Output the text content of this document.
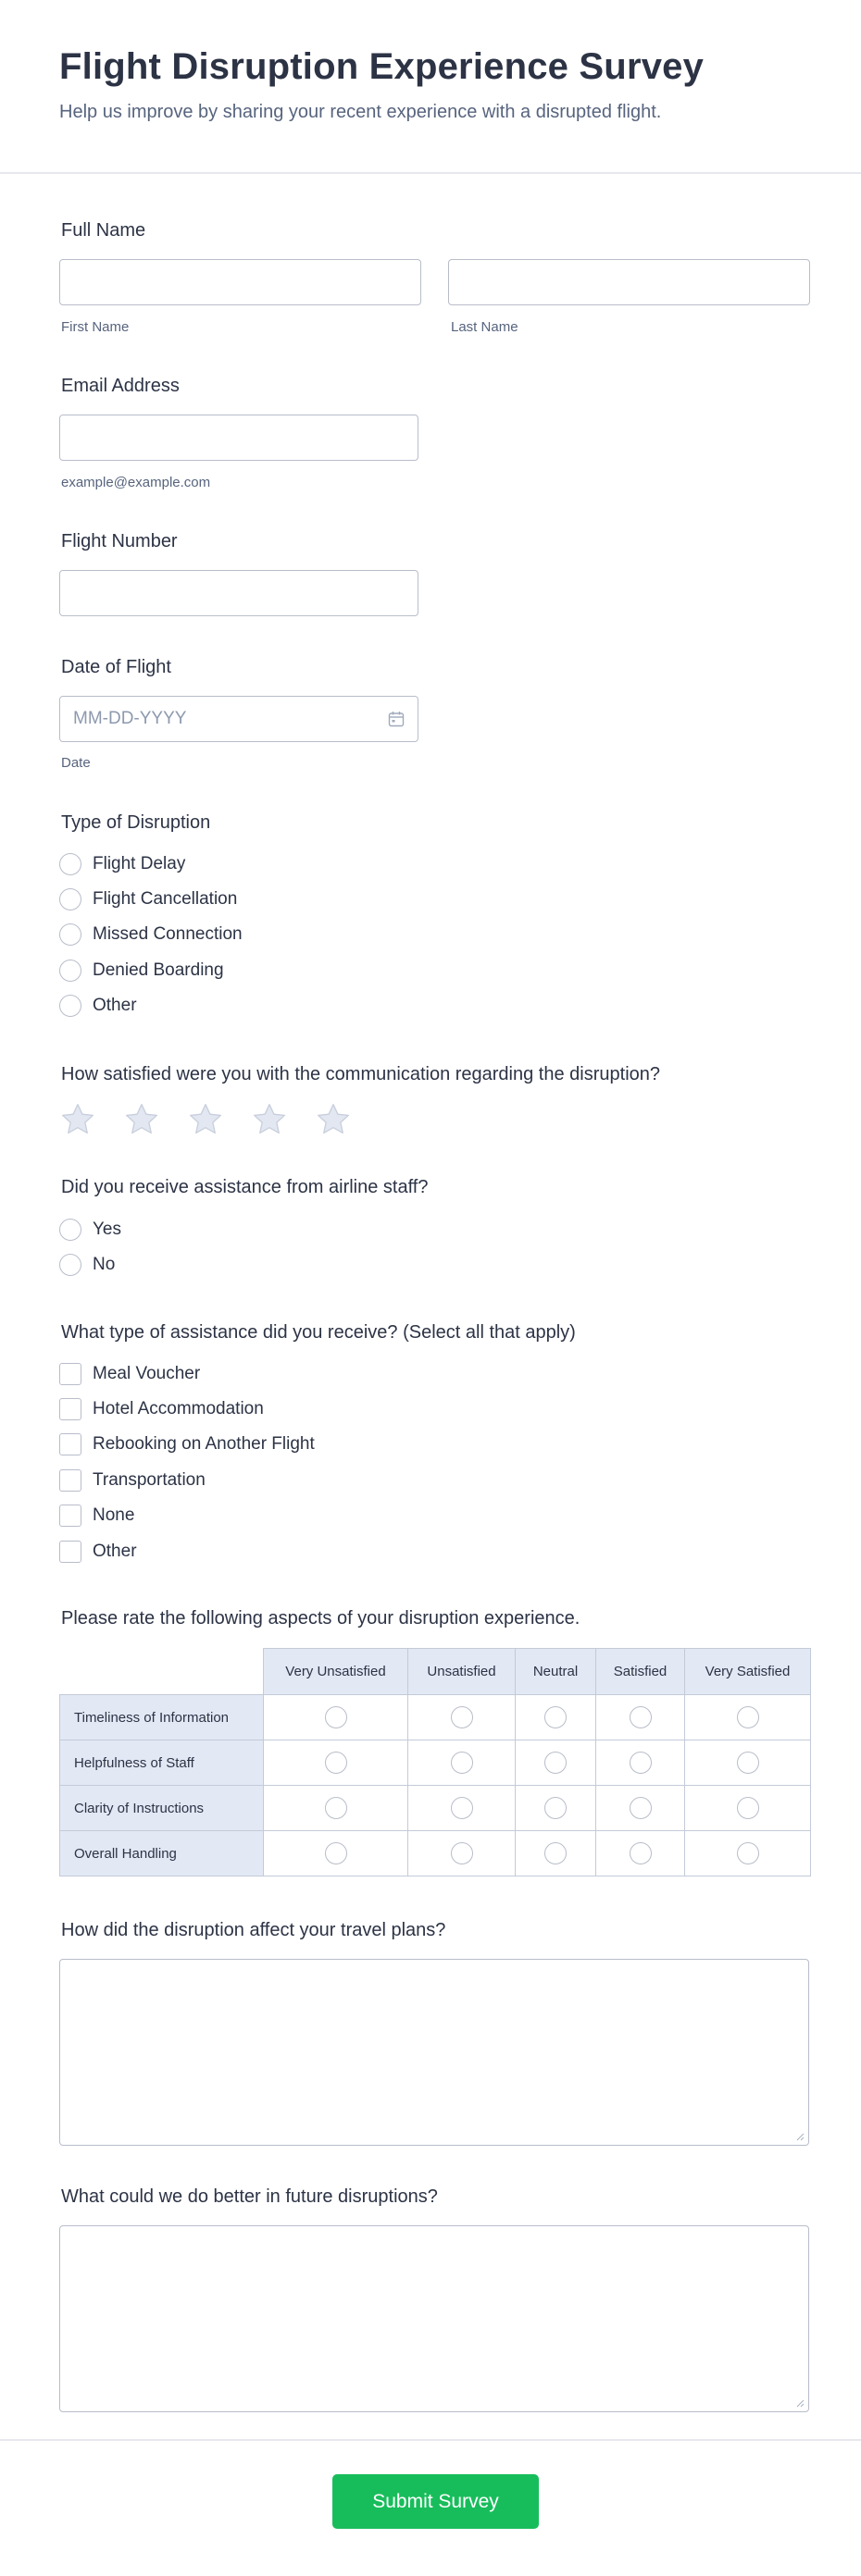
Flight Disruption Experience Survey

Help us improve by sharing your recent experience with a disrupted flight.

Full Name
First Name	Last Name
Email Address
example@example.com
Flight Number
Date of Flight
MM-DD-YYYY
Date
Type of Disruption
Flight Delay
Flight Cancellation
Missed Connection
Denied Boarding
Other
How satisfied were you with the communication regarding the disruption?
Did you receive assistance from airline staff?
Yes
No
What type of assistance did you receive? (Select all that apply)
Meal Voucher
Hotel Accommodation
Rebooking on Another Flight
Transportation
None
Other
Please rate the following aspects of your disruption experience.
	Very Unsatisfied	Unsatisfied	Neutral	Satisfied	Very Satisfied
Timeliness of Information					
Helpfulness of Staff					
Clarity of Instructions					
Overall Handling					
How did the disruption affect your travel plans?
What could we do better in future disruptions?
Submit Survey
